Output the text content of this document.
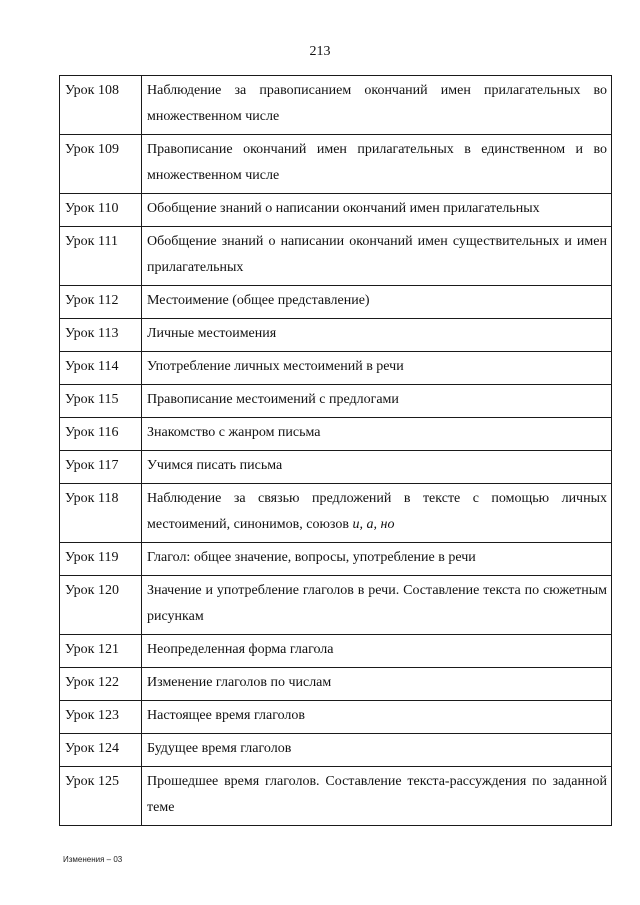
213
Урок 108	Наблюдение за правописанием окончаний имен прилагательных во множественном числе
Урок 109	Правописание окончаний имен прилагательных в единственном и во множественном числе
Урок 110	Обобщение знаний о написании окончаний имен прилагательных
Урок 111	Обобщение знаний о написании окончаний имен существительных и имен прилагательных
Урок 112	Местоимение (общее представление)
Урок 113	Личные местоимения
Урок 114	Употребление личных местоимений в речи
Урок 115	Правописание местоимений с предлогами
Урок 116	Знакомство с жанром письма
Урок 117	Учимся писать письма
Урок 118	Наблюдение за связью предложений в тексте с помощью личных местоимений, синонимов, союзов и, а, но
Урок 119	Глагол: общее значение, вопросы, употребление в речи
Урок 120	Значение и употребление глаголов в речи. Составление текста по сюжетным рисункам
Урок 121	Неопределенная форма глагола
Урок 122	Изменение глаголов по числам
Урок 123	Настоящее время глаголов
Урок 124	Будущее время глаголов
Урок 125	Прошедшее время глаголов. Составление текста-рассуждения по заданной теме
Изменения – 03
